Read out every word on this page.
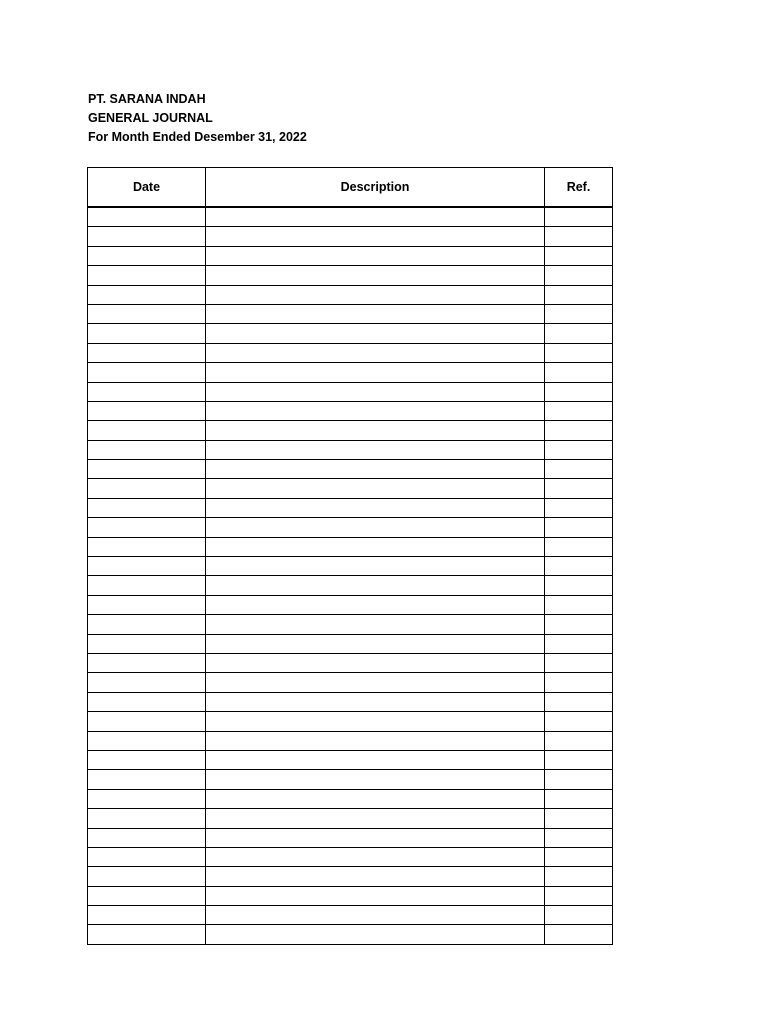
PT. SARANA INDAH
GENERAL JOURNAL
For Month Ended Desember 31, 2022
Date	Description	Ref.
